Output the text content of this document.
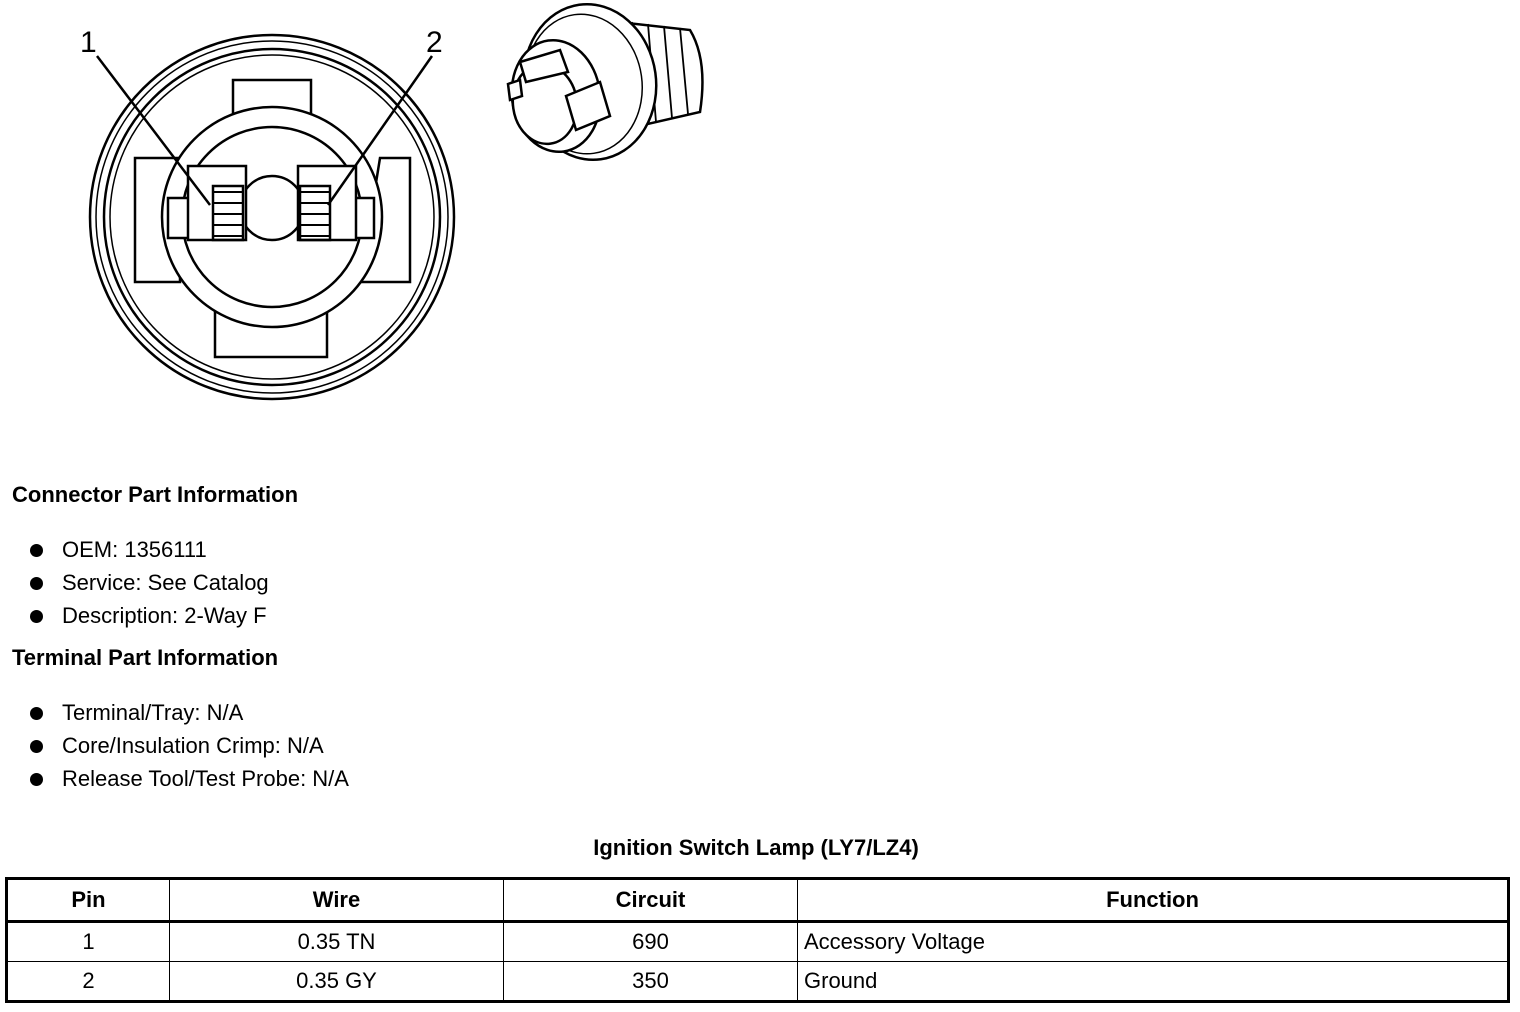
1	2
Connector Part Information
OEM: 1356111
Service: See Catalog
Description: 2-Way F
Terminal Part Information
Terminal/Tray: N/A
Core/Insulation Crimp: N/A
Release Tool/Test Probe: N/A
Ignition Switch Lamp (LY7/LZ4)
Pin	Wire	Circuit	Function
1	0.35 TN	690	Accessory Voltage
2	0.35 GY	350	Ground
